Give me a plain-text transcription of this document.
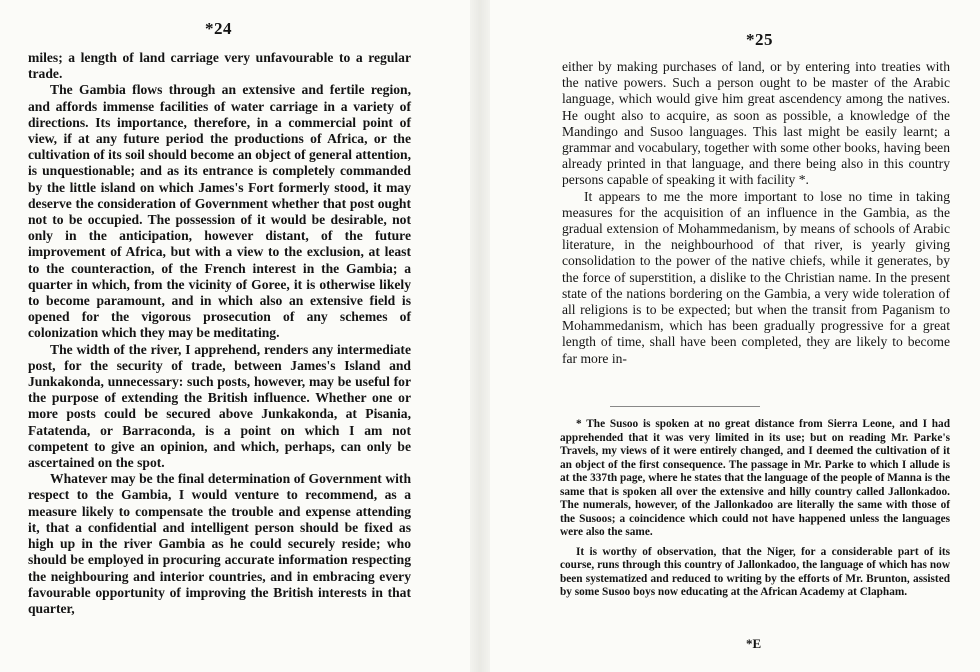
*24

miles; a length of land carriage very unfavourable to a regular trade.

The Gambia flows through an extensive and fertile region, and affords immense facilities of water carriage in a variety of directions. Its importance, therefore, in a commercial point of view, if at any future period the productions of Africa, or the cultivation of its soil should become an object of general attention, is unquestionable; and as its entrance is completely commanded by the little island on which James's Fort formerly stood, it may deserve the consideration of Government whether that post ought not to be occupied. The possession of it would be desirable, not only in the anticipation, however distant, of the future improvement of Africa, but with a view to the exclusion, at least to the counteraction, of the French interest in the Gambia; a quarter in which, from the vicinity of Goree, it is otherwise likely to become paramount, and in which also an extensive field is opened for the vigorous prosecution of any schemes of colonization which they may be meditating.

The width of the river, I apprehend, renders any intermediate post, for the security of trade, between James's Island and Junkakonda, unnecessary: such posts, however, may be useful for the purpose of extending the British influence. Whether one or more posts could be secured above Junkakonda, at Pisania, Fatatenda, or Barraconda, is a point on which I am not competent to give an opinion, and which, perhaps, can only be ascertained on the spot.

Whatever may be the final determination of Government with respect to the Gambia, I would venture to recommend, as a measure likely to compensate the trouble and expense attending it, that a confidential and intelligent person should be fixed as high up in the river Gambia as he could securely reside; who should be employed in procuring accurate information respecting the neighbouring and interior countries, and in embracing every favourable opportunity of improving the British interests in that quarter,

*25

either by making purchases of land, or by entering into treaties with the native powers. Such a person ought to be master of the Arabic language, which would give him great ascendency among the natives. He ought also to acquire, as soon as possible, a knowledge of the Mandingo and Susoo languages. This last might be easily learnt; a grammar and vocabulary, together with some other books, having been already printed in that language, and there being also in this country persons capable of speaking it with facility *.

It appears to me the more important to lose no time in taking measures for the acquisition of an influence in the Gambia, as the gradual extension of Mohammedanism, by means of schools of Arabic literature, in the neighbourhood of that river, is yearly giving consolidation to the power of the native chiefs, while it generates, by the force of superstition, a dislike to the Christian name. In the present state of the nations bordering on the Gambia, a very wide toleration of all religions is to be expected; but when the transit from Paganism to Mohammedanism, which has been gradually progressive for a great length of time, shall have been completed, they are likely to become far more in-

* The Susoo is spoken at no great distance from Sierra Leone, and I had apprehended that it was very limited in its use; but on reading Mr. Parke's Travels, my views of it were entirely changed, and I deemed the cultivation of it an object of the first consequence. The passage in Mr. Parke to which I allude is at the 337th page, where he states that the language of the people of Manna is the same that is spoken all over the extensive and hilly country called Jallonkadoo. The numerals, however, of the Jallonkadoo are literally the same with those of the Susoos; a coincidence which could not have happened unless the languages were also the same.

It is worthy of observation, that the Niger, for a considerable part of its course, runs through this country of Jallonkadoo, the language of which has now been systematized and reduced to writing by the efforts of Mr. Brunton, assisted by some Susoo boys now educating at the African Academy at Clapham.

*E
